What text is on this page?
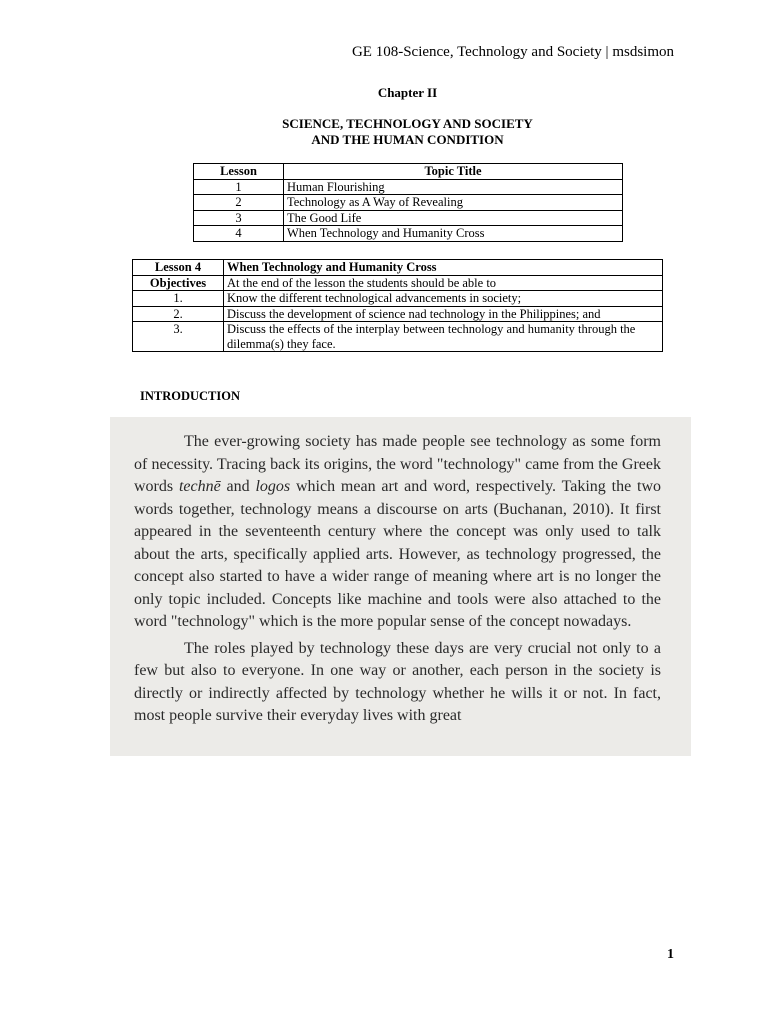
GE 108-Science, Technology and Society | msdsimon
Chapter II
SCIENCE, TECHNOLOGY AND SOCIETY
AND THE HUMAN CONDITION
Lesson	Topic Title
1	Human Flourishing
2	Technology as A Way of Revealing
3	The Good Life
4	When Technology and Humanity Cross
Lesson 4	When Technology and Humanity Cross
Objectives	At the end of the lesson the students should be able to
1.	Know the different technological advancements in society;
2.	Discuss the development of science nad technology in the Philippines; and
3.	Discuss the effects of the interplay between technology and humanity through the dilemma(s) they face.
INTRODUCTION

The ever-growing society has made people see technology as some form of necessity. Tracing back its origins, the word "technology" came from the Greek words technē and logos which mean art and word, respectively. Taking the two words together, technology means a discourse on arts (Buchanan, 2010). It first appeared in the seventeenth century where the concept was only used to talk about the arts, specifically applied arts. However, as technology progressed, the concept also started to have a wider range of meaning where art is no longer the only topic included. Concepts like machine and tools were also attached to the word "technology" which is the more popular sense of the concept nowadays.

The roles played by technology these days are very crucial not only to a few but also to everyone. In one way or another, each person in the society is directly or indirectly affected by technology whether he wills it or not. In fact, most people survive their everyday lives with great

1
